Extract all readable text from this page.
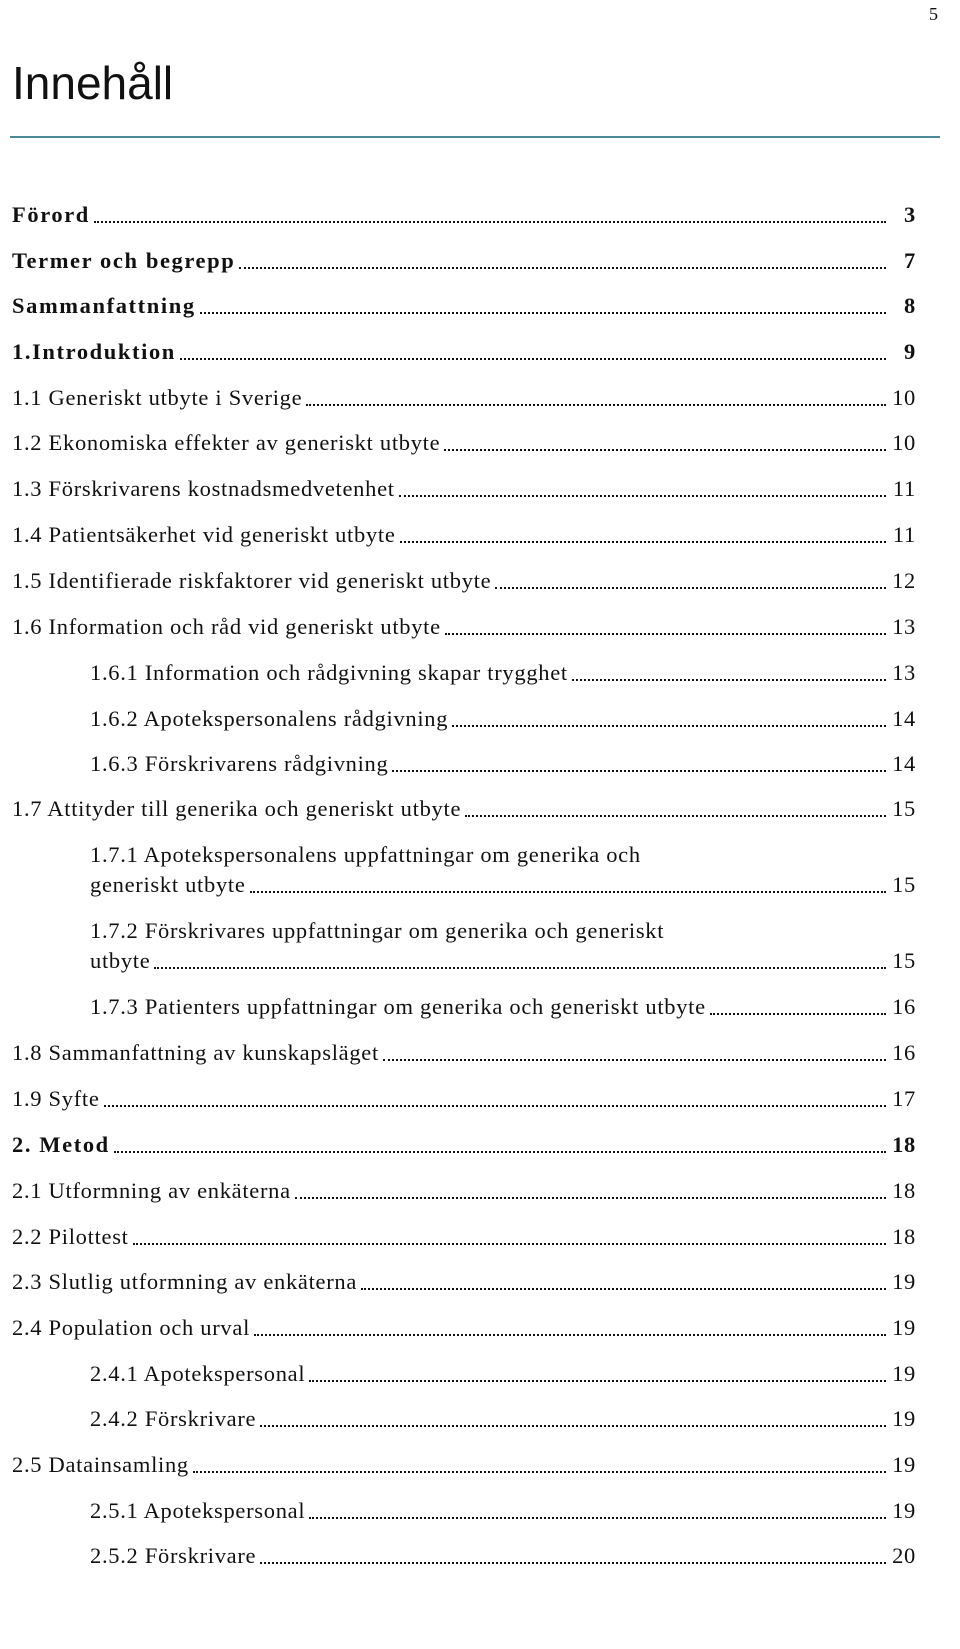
5
Innehåll
Förord	3
Termer och begrepp	7
Sammanfattning	8
1.Introduktion	9
1.1 Generiskt utbyte i Sverige	10
1.2 Ekonomiska effekter av generiskt utbyte	10
1.3 Förskrivarens kostnadsmedvetenhet	11
1.4 Patientsäkerhet vid generiskt utbyte	11
1.5 Identifierade riskfaktorer vid generiskt utbyte	12
1.6 Information och råd vid generiskt utbyte	13
1.6.1 Information och rådgivning skapar trygghet	13
1.6.2 Apotekspersonalens rådgivning	14
1.6.3 Förskrivarens rådgivning	14
1.7 Attityder till generika och generiskt utbyte	15
1.7.1 Apotekspersonalens uppfattningar om generika och
generiskt utbyte	15
1.7.2 Förskrivares uppfattningar om generika och generiskt
utbyte	15
1.7.3 Patienters uppfattningar om generika och generiskt utbyte	16
1.8 Sammanfattning av kunskapsläget	16
1.9 Syfte	17
2. Metod	18
2.1 Utformning av enkäterna	18
2.2 Pilottest	18
2.3 Slutlig utformning av enkäterna	19
2.4 Population och urval	19
2.4.1 Apotekspersonal	19
2.4.2 Förskrivare	19
2.5 Datainsamling	19
2.5.1 Apotekspersonal	19
2.5.2 Förskrivare	20
